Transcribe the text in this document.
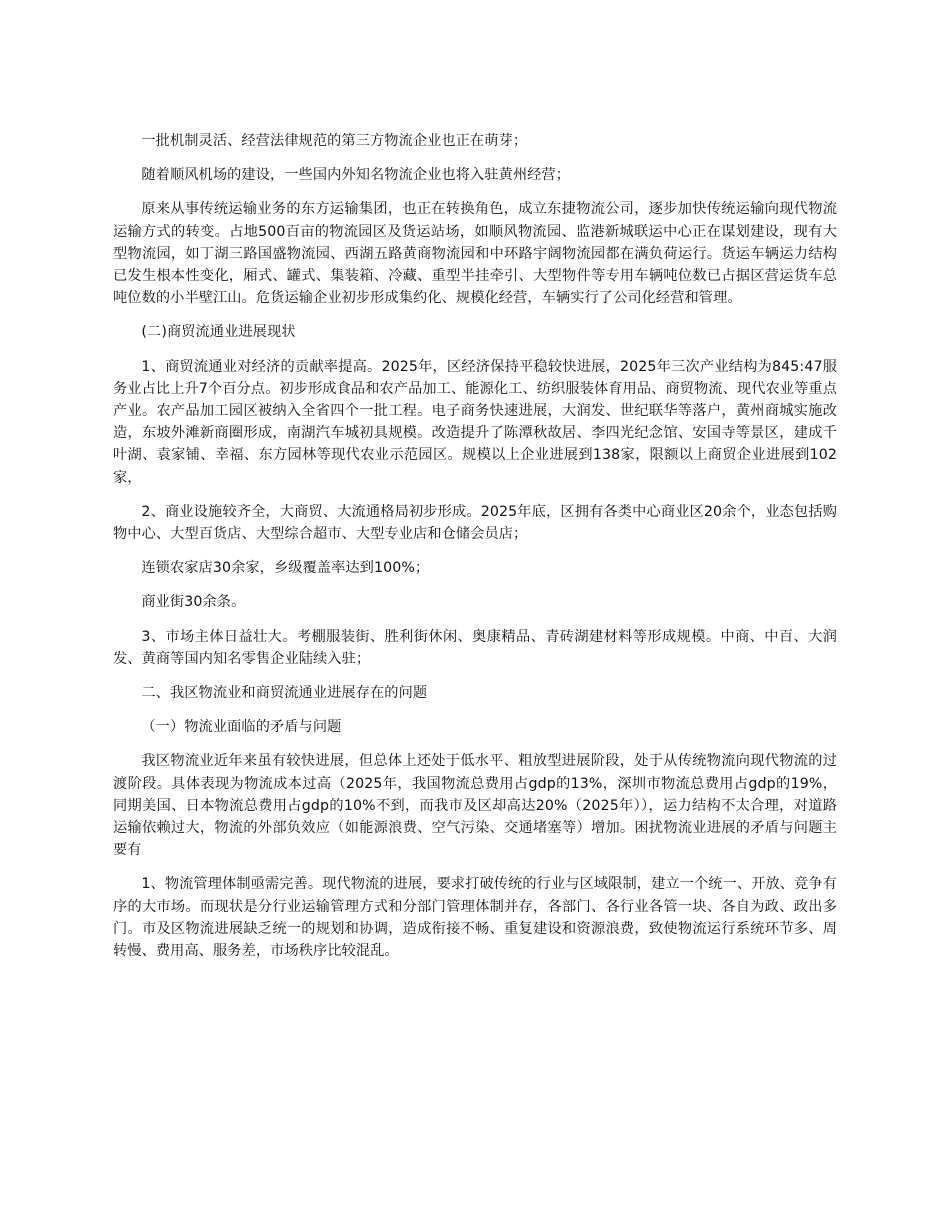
一批机制灵活、经营法律规范的第三方物流企业也正在萌芽；

随着顺风机场的建设，一些国内外知名物流企业也将入驻黄州经营；

原来从事传统运输业务的东方运输集团，也正在转换角色，成立东捷物流公司，逐步加快传统运输向现代物流运输方式的转变。占地500百亩的物流园区及货运站场，如顺风物流园、监港新城联运中心正在谋划建设，现有大型物流园，如丁湖三路国盛物流园、西湖五路黄商物流园和中环路宇阔物流园都在满负荷运行。货运车辆运力结构已发生根本性变化，厢式、罐式、集装箱、冷藏、重型半挂牵引、大型物件等专用车辆吨位数已占据区营运货车总吨位数的小半壁江山。危货运输企业初步形成集约化、规模化经营，车辆实行了公司化经营和管理。

(二)商贸流通业进展现状

1、商贸流通业对经济的贡献率提高。2025年，区经济保持平稳较快进展，2025年三次产业结构为845:47服务业占比上升7个百分点。初步形成食品和农产品加工、能源化工、纺织服装体育用品、商贸物流、现代农业等重点产业。农产品加工园区被纳入全省四个一批工程。电子商务快速进展，大润发、世纪联华等落户，黄州商城实施改造，东坡外滩新商圈形成，南湖汽车城初具规模。改造提升了陈潭秋故居、李四光纪念馆、安国寺等景区，建成千叶湖、袁家铺、幸福、东方园林等现代农业示范园区。规模以上企业进展到138家，限额以上商贸企业进展到102家，

2、商业设施较齐全，大商贸、大流通格局初步形成。2025年底，区拥有各类中心商业区20余个，业态包括购物中心、大型百货店、大型综合超市、大型专业店和仓储会员店；

连锁农家店30余家，乡级覆盖率达到100%；

商业街30余条。

3、市场主体日益壮大。考棚服装街、胜利街休闲、奥康精品、青砖湖建材料等形成规模。中商、中百、大润发、黄商等国内知名零售企业陆续入驻；

二、我区物流业和商贸流通业进展存在的问题

（一）物流业面临的矛盾与问题

我区物流业近年来虽有较快进展，但总体上还处于低水平、粗放型进展阶段，处于从传统物流向现代物流的过渡阶段。具体表现为物流成本过高（2025年，我国物流总费用占gdp的13%，深圳市物流总费用占gdp的19%，同期美国、日本物流总费用占gdp的10%不到，而我市及区却高达20%（2025年）），运力结构不太合理，对道路运输依赖过大，物流的外部负效应（如能源浪费、空气污染、交通堵塞等）增加。困扰物流业进展的矛盾与问题主要有

1、物流管理体制亟需完善。现代物流的进展，要求打破传统的行业与区域限制，建立一个统一、开放、竞争有序的大市场。而现状是分行业运输管理方式和分部门管理体制并存，各部门、各行业各管一块、各自为政、政出多门。市及区物流进展缺乏统一的规划和协调，造成衔接不畅、重复建设和资源浪费，致使物流运行系统环节多、周转慢、费用高、服务差，市场秩序比较混乱。
